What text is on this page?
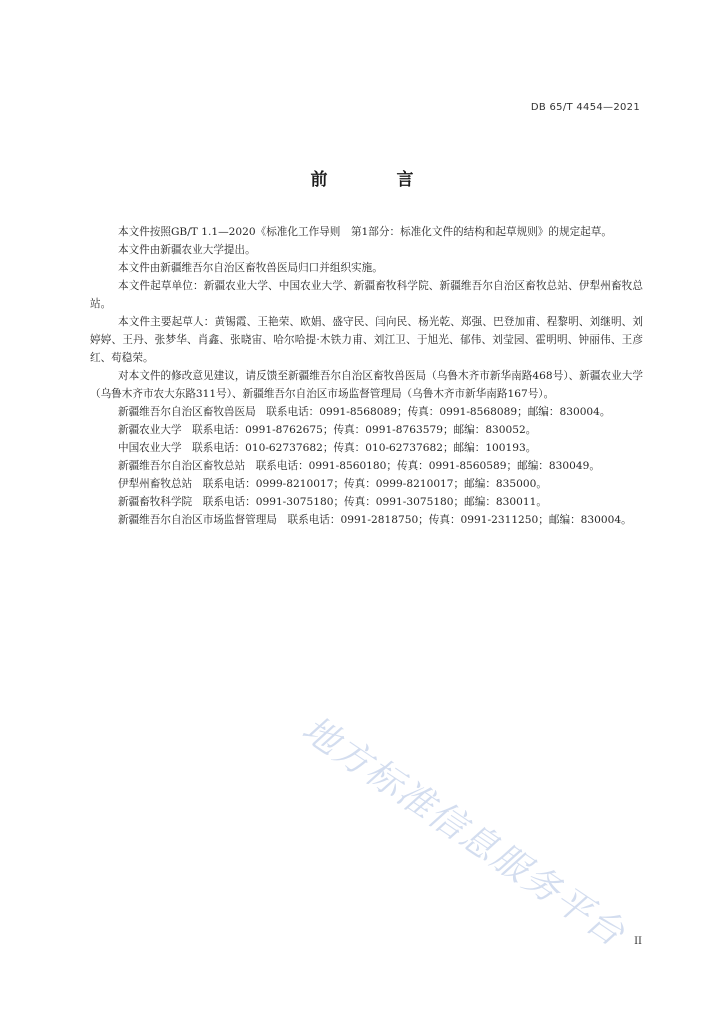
DB 65/T 4454—2021
前　言

本文件按照GB/T 1.1—2020《标准化工作导则　第1部分：标准化文件的结构和起草规则》的规定起草。

本文件由新疆农业大学提出。

本文件由新疆维吾尔自治区畜牧兽医局归口并组织实施。

本文件起草单位：新疆农业大学、中国农业大学、新疆畜牧科学院、新疆维吾尔自治区畜牧总站、伊犁州畜牧总站。

本文件主要起草人：黄锡霞、王艳荣、欧娟、盛守民、闫向民、杨光乾、郑强、巴登加甫、程黎明、刘继明、刘婷婷、王丹、张梦华、肖鑫、张晓宙、哈尔哈提·木铁力甫、刘江卫、于旭光、郁伟、刘莹园、霍明明、钟丽伟、王彦红、苟稳荣。

对本文件的修改意见建议，请反馈至新疆维吾尔自治区畜牧兽医局（乌鲁木齐市新华南路468号）、新疆农业大学（乌鲁木齐市农大东路311号）、新疆维吾尔自治区市场监督管理局（乌鲁木齐市新华南路167号）。

新疆维吾尔自治区畜牧兽医局　联系电话：0991-8568089；传真：0991-8568089；邮编：830004。

新疆农业大学　联系电话：0991-8762675；传真：0991-8763579；邮编：830052。

中国农业大学　联系电话：010-62737682；传真：010-62737682；邮编：100193。

新疆维吾尔自治区畜牧总站　联系电话：0991-8560180；传真：0991-8560589；邮编：830049。

伊犁州畜牧总站　联系电话：0999-8210017；传真：0999-8210017；邮编：835000。

新疆畜牧科学院　联系电话：0991-3075180；传真：0991-3075180；邮编：830011。

新疆维吾尔自治区市场监督管理局　联系电话：0991-2818750；传真：0991-2311250；邮编：830004。

地方标准信息服务平台 II
